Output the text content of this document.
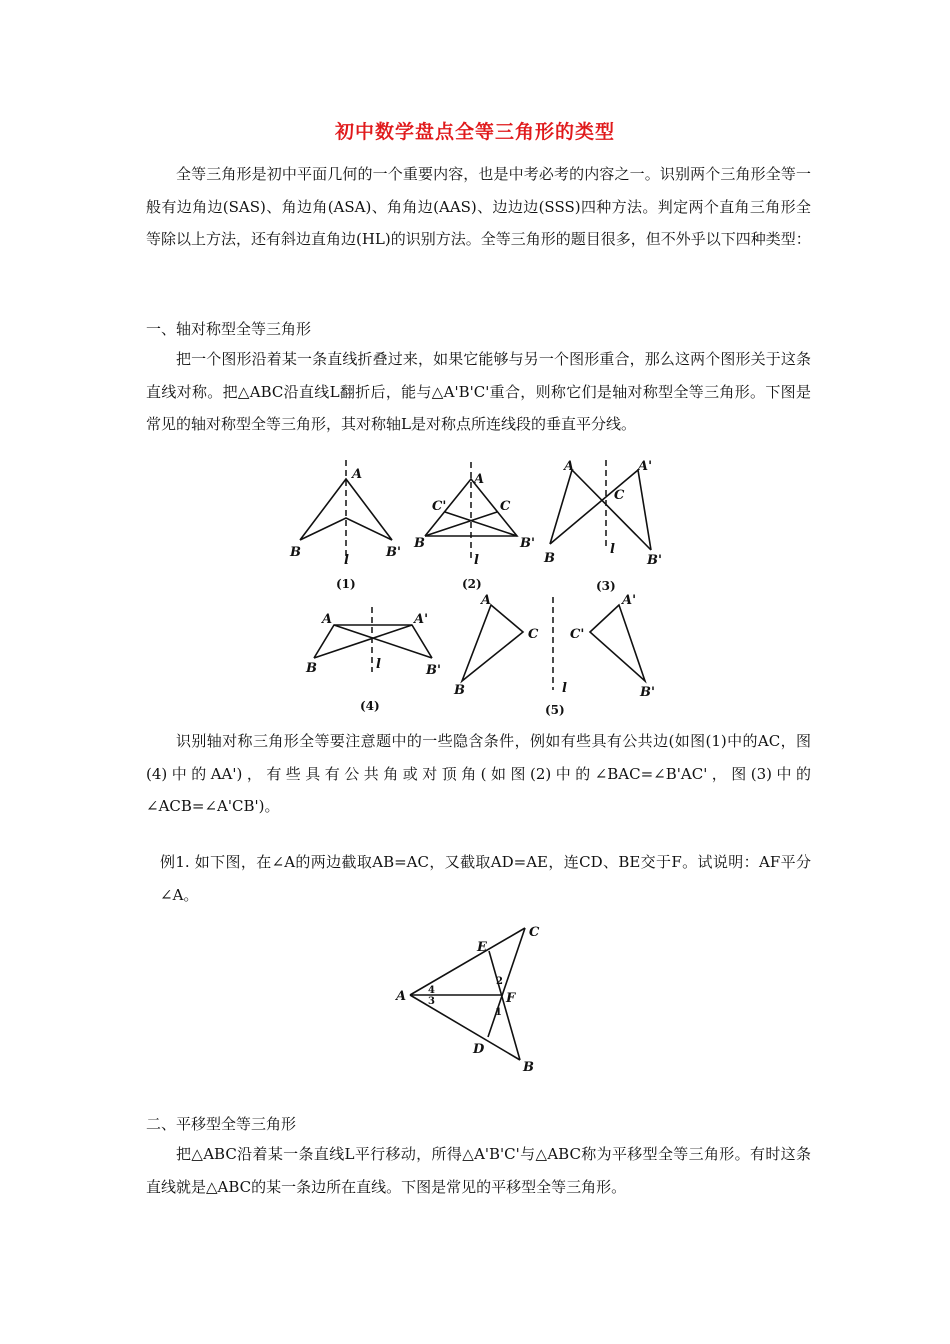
初中数学盘点全等三角形的类型

全等三角形是初中平面几何的一个重要内容，也是中考必考的内容之一。识别两个三角形全等一般有边角边(SAS)、角边角(ASA)、角角边(AAS)、边边边(SSS)四种方法。判定两个直角三角形全等除以上方法，还有斜边直角边(HL)的识别方法。全等三角形的题目很多，但不外乎以下四种类型：

一、轴对称型全等三角形

把一个图形沿着某一条直线折叠过来，如果它能够与另一个图形重合，那么这两个图形关于这条直线对称。把△ABC沿直线L翻折后，能与△A'B'C'重合，则称它们是轴对称型全等三角形。下图是常见的轴对称型全等三角形，其对称轴L是对称点所连线段的垂直平分线。

A
B	B'
l
(1)
A
C'	C
B	B'
l
(2)
A	A'
C
B	B'
l
(3)
A	A'
B	B'
l
(4)
A
C
B
A'
C'
B'
l
(5)

识别轴对称三角形全等要注意题中的一些隐含条件，例如有些具有公共边(如图(1)中的AC，图(4)中的AA')，有些具有公共角或对顶角(如图(2)中的∠BAC=∠B'AC'，图(3)中的∠ACB=∠A'CB')。

例1. 如下图，在∠A的两边截取AB=AC，又截取AD=AE，连CD、BE交于F。试说明：AF平分∠A。

A
B
C
D
E
F
1
2
3
4

二、平移型全等三角形

把△ABC沿着某一条直线L平行移动，所得△A'B'C'与△ABC称为平移型全等三角形。有时这条直线就是△ABC的某一条边所在直线。下图是常见的平移型全等三角形。
